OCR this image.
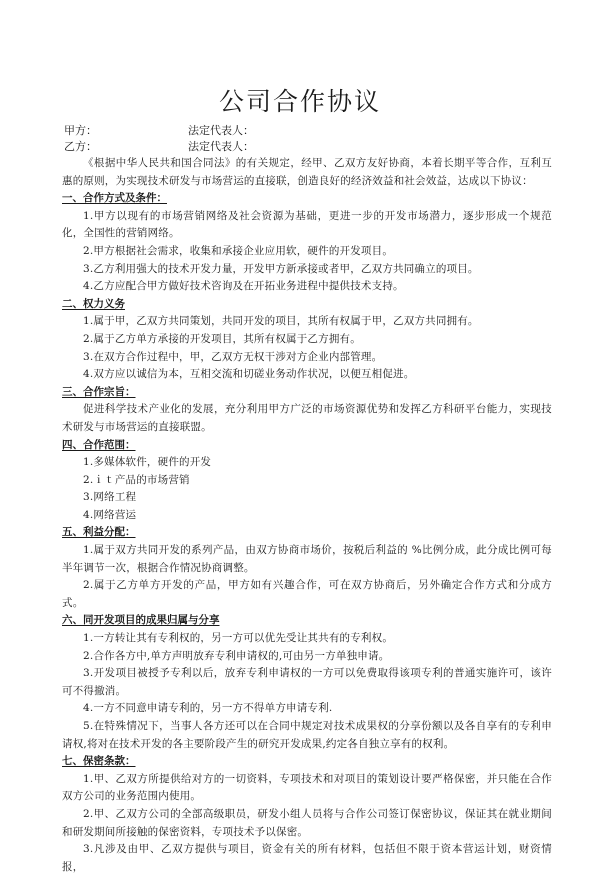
公司合作协议
甲方：	法定代表人：
乙方：	法定代表人：

《根据中华人民共和国合同法》的有关规定，经甲、乙双方友好协商，本着长期平等合作，互利互惠的原则，为实现技术研发与市场营运的直接联，创造良好的经济效益和社会效益，达成以下协议：

一、合作方式及条件：

1.甲方以现有的市场营销网络及社会资源为基础，更进一步的开发市场潜力，逐步形成一个规范化，全国性的营销网络。

2.甲方根据社会需求，收集和承接企业应用软，硬件的开发项目。

3.乙方利用强大的技术开发力量，开发甲方新承接或者甲，乙双方共同确立的项目。

4.乙方应配合甲方做好技术咨询及在开拓业务进程中提供技术支持。

二、权力义务

1.属于甲，乙双方共同策划，共同开发的项目，其所有权属于甲，乙双方共同拥有。

2.属于乙方单方承接的开发项目，其所有权属于乙方拥有。

3.在双方合作过程中，甲，乙双方无权干涉对方企业内部管理。

4.双方应以诚信为本，互相交流和切磋业务动作状况，以便互相促进。

三、合作宗旨：

促进科学技术产业化的发展，充分利用甲方广泛的市场资源优势和发挥乙方科研平台能力，实现技术研发与市场营运的直接联盟。

四、合作范围：

1.多媒体软件，硬件的开发

2.ｉｔ产品的市场营销

3.网络工程

4.网络营运

五、利益分配：

1.属于双方共同开发的系列产品，由双方协商市场价，按税后利益的 %比例分成，此分成比例可每半年调节一次，根据合作情况协商调整。

2.属于乙方单方开发的产品，甲方如有兴趣合作，可在双方协商后，另外确定合作方式和分成方式。

六、同开发项目的成果归属与分享

1.一方转让其有专利权的，另一方可以优先受让其共有的专利权。

2.合作各方中,单方声明放弃专利申请权的,可由另一方单独申请。

3.开发项目被授予专利以后，放弃专利申请权的一方可以免费取得该项专利的普通实施许可，该许可不得撤消。

4.一方不同意申请专利的，另一方不得单方申请专利.

5.在特殊情况下，当事人各方还可以在合同中规定对技术成果权的分享份额以及各自享有的专利申请权,将对在技术开发的各主要阶段产生的研究开发成果,约定各自独立享有的权利。

七、保密条款：

1.甲、乙双方所提供给对方的一切资料，专项技术和对项目的策划设计要严格保密，并只能在合作双方公司的业务范围内使用。

2.甲、乙双方公司的全部高级职员，研发小组人员将与合作公司签订保密协议，保证其在就业期间和研发期间所接触的保密资料，专项技术予以保密。

3.凡涉及由甲、乙双方提供与项目，资金有关的所有材料，包括但不限于资本营运计划，财资情报，
